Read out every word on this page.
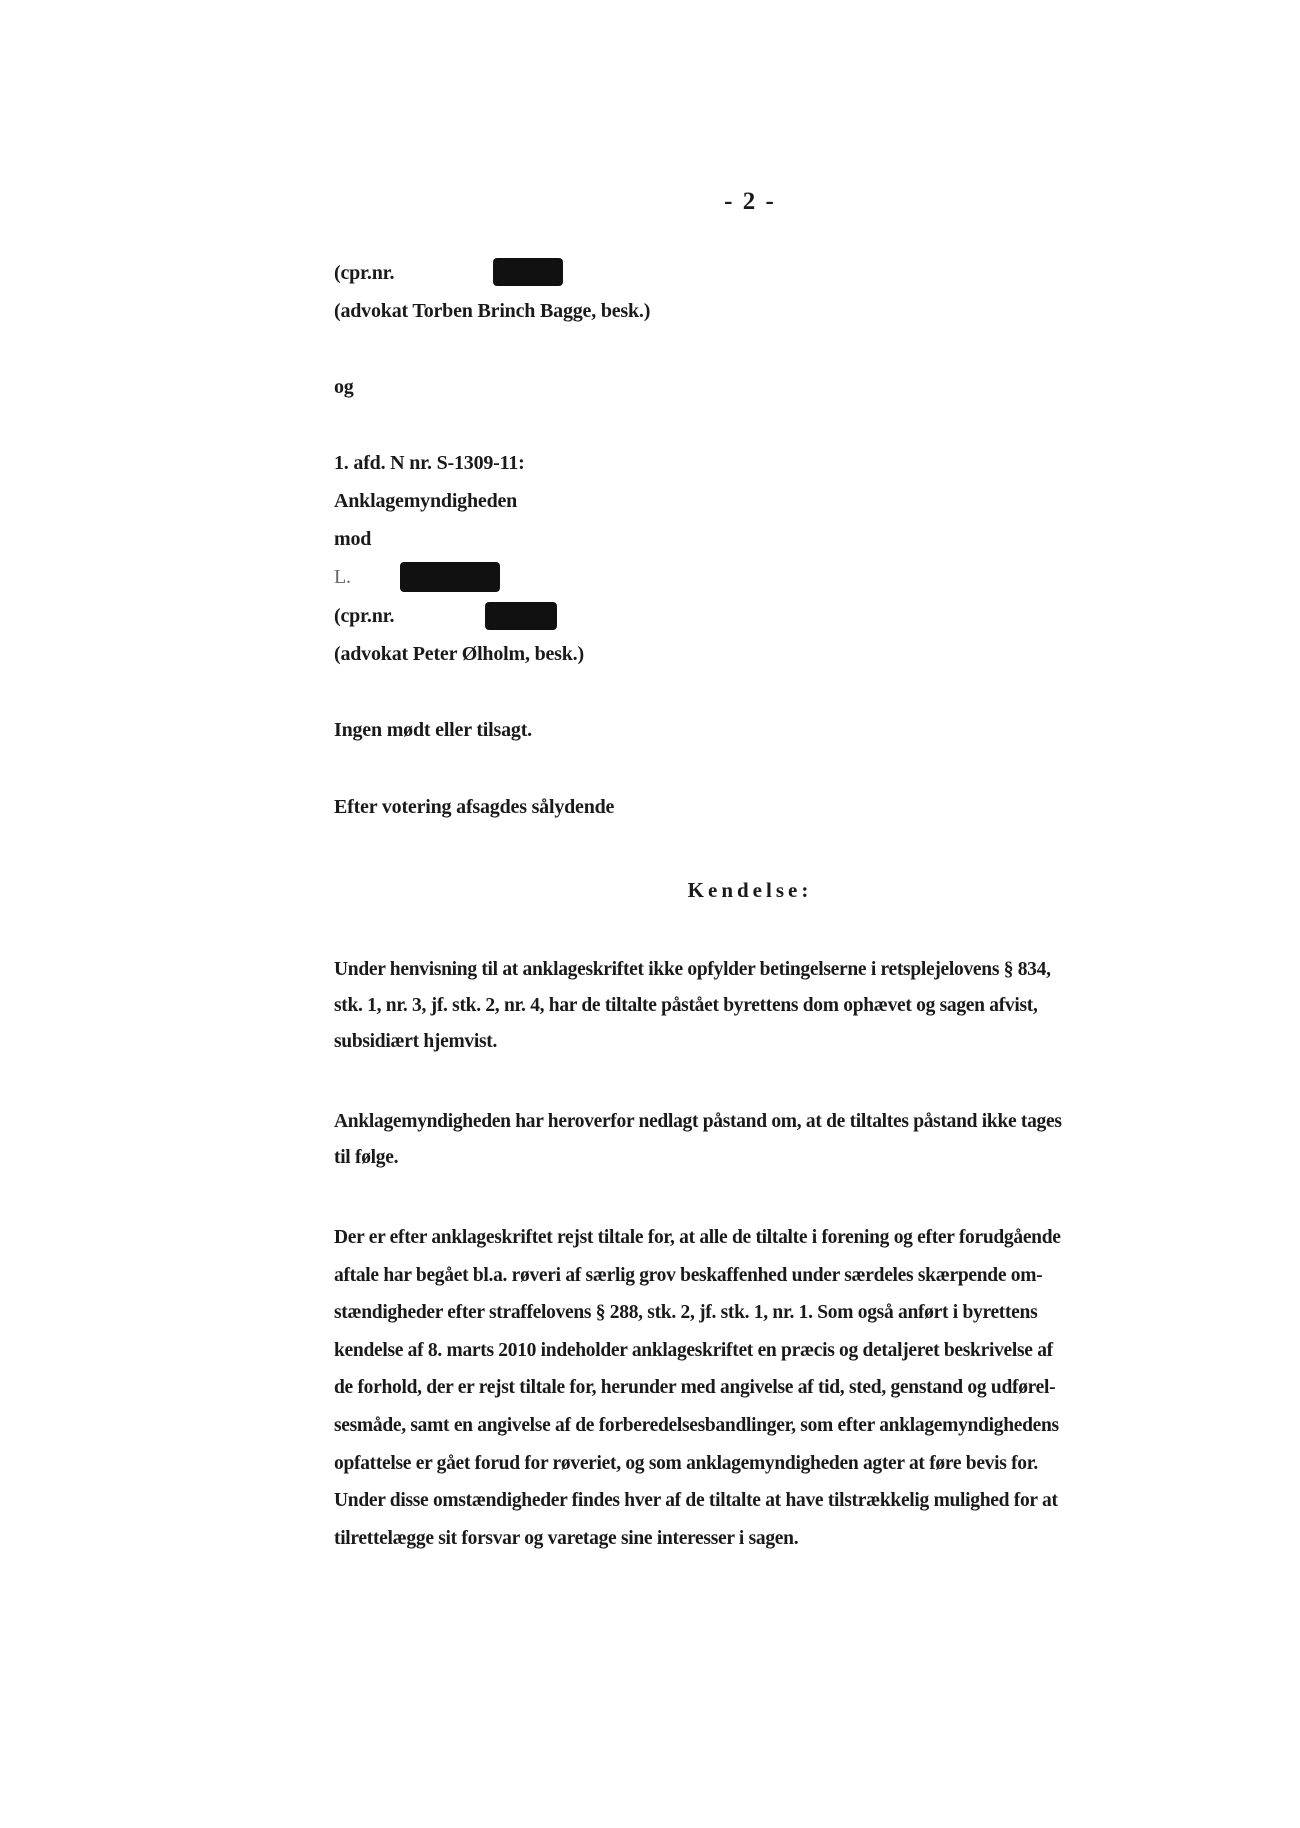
- 2 -
(cpr.nr.
(advokat Torben Brinch Bagge, besk.)
og
1. afd. N nr. S-1309-11:
Anklagemyndigheden
mod
L.
(cpr.nr.
(advokat Peter Ølholm, besk.)
Ingen mødt eller tilsagt.
Efter votering afsagdes sålydende
Kendelse:
Under henvisning til at anklageskriftet ikke opfylder betingelserne i retsplejelovens § 834,
stk. 1, nr. 3, jf. stk. 2, nr. 4, har de tiltalte påstået byrettens dom ophævet og sagen afvist,
subsidiært hjemvist.
Anklagemyndigheden har heroverfor nedlagt påstand om, at de tiltaltes påstand ikke tages
til følge.
Der er efter anklageskriftet rejst tiltale for, at alle de tiltalte i forening og efter forudgående
aftale har begået bl.a. røveri af særlig grov beskaffenhed under særdeles skærpende om-
stændigheder efter straffelovens § 288, stk. 2, jf. stk. 1, nr. 1. Som også anført i byrettens
kendelse af 8. marts 2010 indeholder anklageskriftet en præcis og detaljeret beskrivelse af
de forhold, der er rejst tiltale for, herunder med angivelse af tid, sted, genstand og udførel-
sesmåde, samt en angivelse af de forberedelsesbandlinger, som efter anklagemyndighedens
opfattelse er gået forud for røveriet, og som anklagemyndigheden agter at føre bevis for.
Under disse omstændigheder findes hver af de tiltalte at have tilstrækkelig mulighed for at
tilrettelægge sit forsvar og varetage sine interesser i sagen.
